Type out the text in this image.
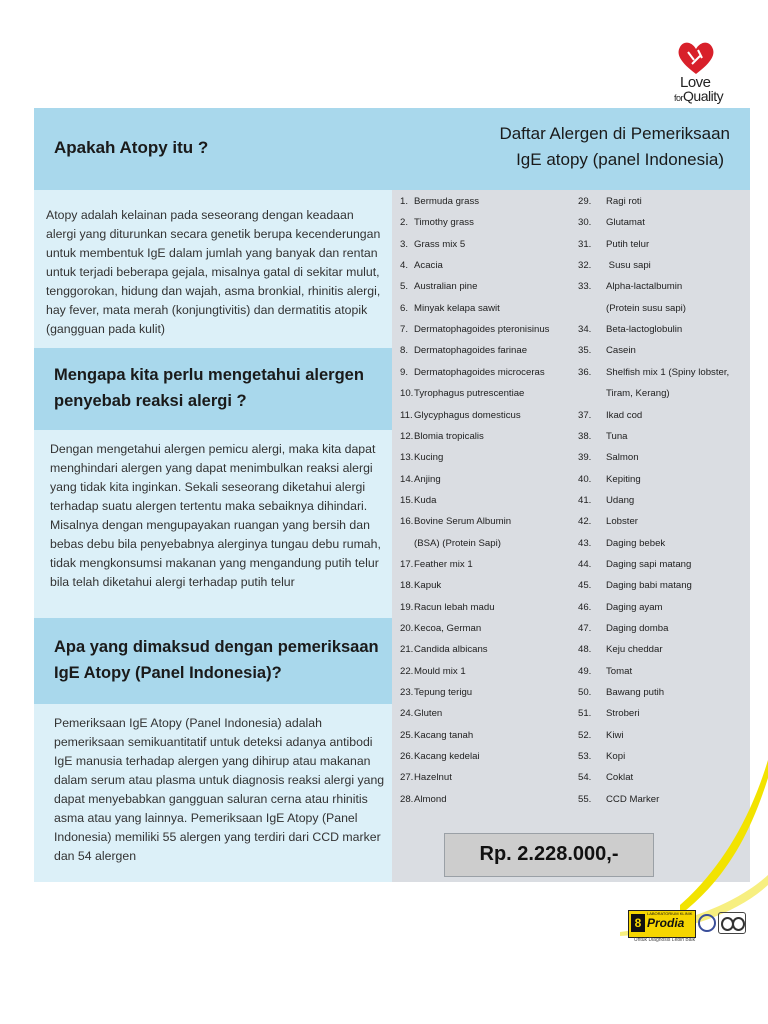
Love
forQuality
Apakah Atopy itu ?

Atopy adalah kelainan pada seseorang dengan keadaan alergi yang diturunkan secara genetik berupa kecenderungan untuk membentuk IgE dalam jumlah yang banyak dan rentan untuk terjadi beberapa gejala, misalnya gatal di sekitar mulut, tenggorokan, hidung dan wajah, asma bronkial, rhinitis alergi, hay fever, mata merah (konjungtivitis) dan dermatitis atopik (gangguan pada kulit)

Mengapa kita perlu mengetahui alergen penyebab reaksi alergi ?

Dengan mengetahui alergen pemicu alergi, maka kita dapat menghindari alergen yang dapat menimbulkan reaksi alergi yang tidak kita inginkan. Sekali seseorang diketahui alergi terhadap suatu alergen tertentu maka sebaiknya dihindari. Misalnya dengan mengupayakan ruangan yang bersih dan bebas debu bila penyebabnya alerginya tungau debu rumah, tidak mengkonsumsi makanan yang mengandung putih telur bila telah diketahui alergi terhadap putih telur

Apa yang dimaksud dengan pemeriksaan IgE Atopy (Panel Indonesia)?

Pemeriksaan IgE Atopy (Panel Indonesia) adalah pemeriksaan semikuantitatif untuk deteksi adanya antibodi IgE manusia terhadap alergen yang dihirup atau makanan dalam serum atau plasma untuk diagnosis reaksi alergi yang dapat menyebabkan gangguan saluran cerna atau rhinitis asma atau yang lainnya. Pemeriksaan IgE Atopy (Panel Indonesia) memiliki 55 alergen yang terdiri dari CCD marker dan 54 alergen

Daftar Alergen di Pemeriksaan
IgE atopy (panel Indonesia)
1. Bermuda grass
2. Timothy grass
3. Grass mix 5
4. Acacia
5. Australian pine
6. Minyak kelapa sawit
7. Dermatophagoides pteronisinus
8. Dermatophagoides farinae
9. Dermatophagoides microceras
10.Tyrophagus putrescentiae
11.Glycyphagus domesticus
12.Blomia tropicalis
13.Kucing
14.Anjing
15.Kuda
16.Bovine Serum Albumin
(BSA) (Protein Sapi)
17.Feather mix 1
18.Kapuk
19.Racun lebah madu
20.Kecoa, German
21.Candida albicans
22.Mould mix 1
23.Tepung terigu
24.Gluten
25.Kacang tanah
26.Kacang kedelai
27.Hazelnut
28.Almond
29. Ragi roti
30. Glutamat
31. Putih telur
32. Susu sapi
33. Alpha-lactalbumin
(Protein susu sapi)
34. Beta-lactoglobulin
35. Casein
36. Shelfish mix 1 (Spiny lobster,
Tiram, Kerang)
37. Ikad cod
38. Tuna
39. Salmon
40. Kepiting
41. Udang
42. Lobster
43. Daging bebek
44. Daging sapi matang
45. Daging babi matang
46. Daging ayam
47. Daging domba
48. Keju cheddar
49. Tomat
50. Bawang putih
51. Stroberi
52. Kiwi
53. Kopi
54. Coklat
55. CCD Marker
Rp. 2.228.000,-
8
LABORATORIUM KLINIK
Prodia
Untuk Diagnosis Lebih Baik
